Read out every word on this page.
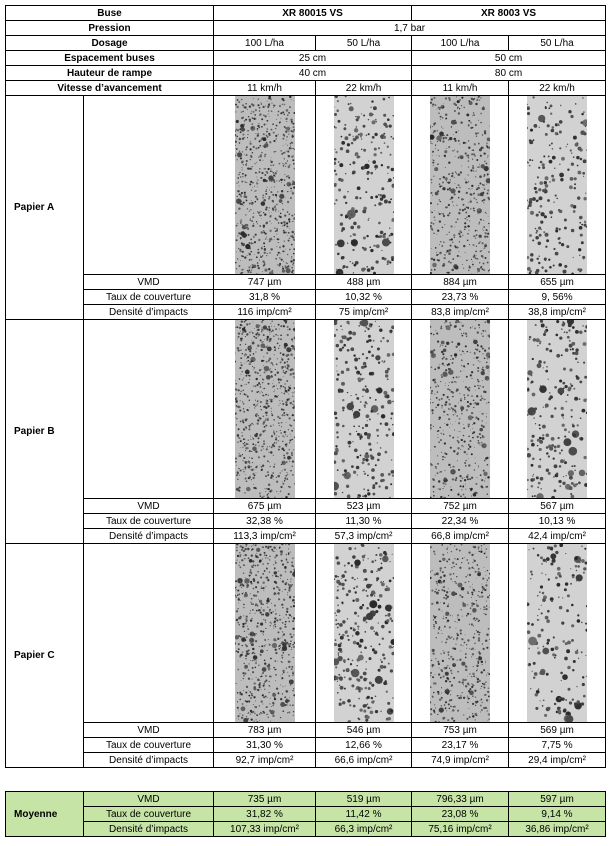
Buse		XR 80015 VS		XR 8003 VS	
Pression		1,7 bar			
Dosage		100 L/ha	50 L/ha	100 L/ha	50 L/ha
Espacement buses		25 cm		50 cm	
Hauteur de rampe		40 cm		80 cm	
Vitesse d’avancement		11 km/h	22 km/h	11 km/h	22 km/h
Papier A		

	VMD	747 µm	488 µm	884 µm	655 µm
	Taux de couverture	31,8 %	10,32 %	23,73 %	9, 56%
	Densité d’impacts	116 imp/cm²	75 imp/cm²	83,8 imp/cm²	38,8 imp/cm²
Papier B		

	VMD	675 µm	523 µm	752 µm	567 µm
	Taux de couverture	32,38 %	11,30 %	22,34 %	10,13 %
	Densité d’impacts	113,3 imp/cm²	57,3 imp/cm²	66,8 imp/cm²	42,4 imp/cm²
Papier C		

	VMD	783 µm	546 µm	753 µm	569 µm
	Taux de couverture	31,30 %	12,66 %	23,17 %	7,75 %
	Densité d’impacts	92,7 imp/cm²	66,6 imp/cm²	74,9 imp/cm²	29,4 imp/cm²
Moyenne	VMD	735 µm	519 µm	796,33 µm	597 µm
	Taux de couverture	31,82 %	11,42 %	23,08 %	9,14 %
	Densité d’impacts	107,33 imp/cm²	66,3 imp/cm²	75,16 imp/cm²	36,86 imp/cm²
